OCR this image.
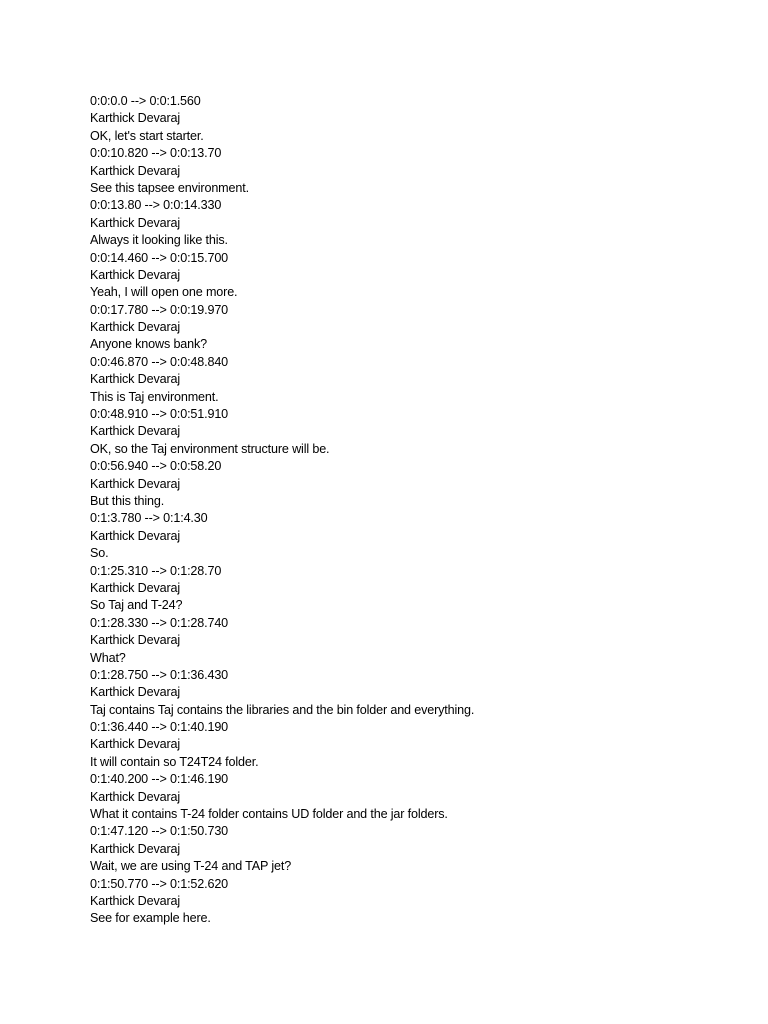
0:0:0.0 --> 0:0:1.560
Karthick Devaraj
OK, let's start starter.
0:0:10.820 --> 0:0:13.70
Karthick Devaraj
See this tapsee environment.
0:0:13.80 --> 0:0:14.330
Karthick Devaraj
Always it looking like this.
0:0:14.460 --> 0:0:15.700
Karthick Devaraj
Yeah, I will open one more.
0:0:17.780 --> 0:0:19.970
Karthick Devaraj
Anyone knows bank?
0:0:46.870 --> 0:0:48.840
Karthick Devaraj
This is Taj environment.
0:0:48.910 --> 0:0:51.910
Karthick Devaraj
OK, so the Taj environment structure will be.
0:0:56.940 --> 0:0:58.20
Karthick Devaraj
But this thing.
0:1:3.780 --> 0:1:4.30
Karthick Devaraj
So.
0:1:25.310 --> 0:1:28.70
Karthick Devaraj
So Taj and T-24?
0:1:28.330 --> 0:1:28.740
Karthick Devaraj
What?
0:1:28.750 --> 0:1:36.430
Karthick Devaraj
Taj contains Taj contains the libraries and the bin folder and everything.
0:1:36.440 --> 0:1:40.190
Karthick Devaraj
It will contain so T24T24 folder.
0:1:40.200 --> 0:1:46.190
Karthick Devaraj
What it contains T-24 folder contains UD folder and the jar folders.
0:1:47.120 --> 0:1:50.730
Karthick Devaraj
Wait, we are using T-24 and TAP jet?
0:1:50.770 --> 0:1:52.620
Karthick Devaraj
See for example here.
